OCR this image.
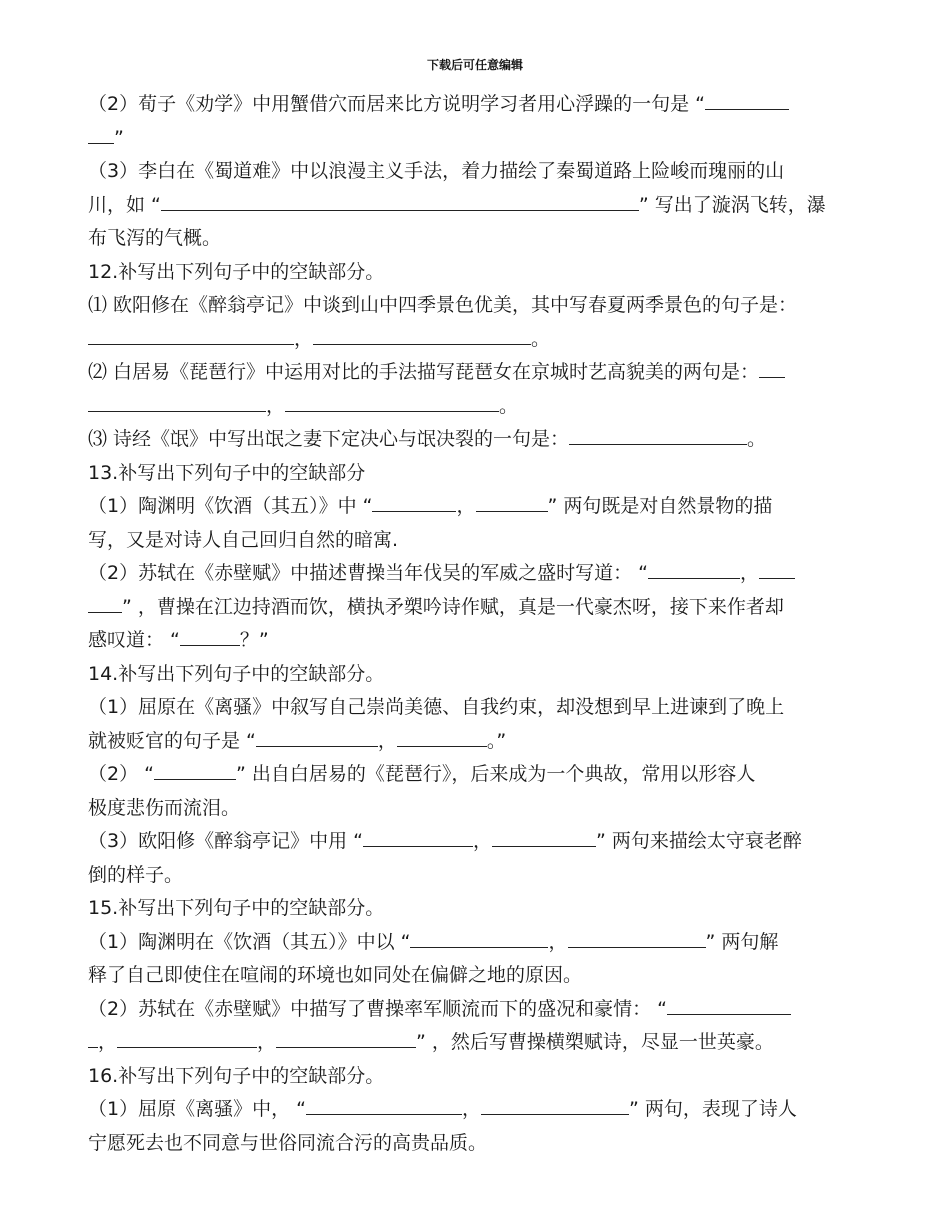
下载后可任意编辑
（2）荀子《劝学》中用蟹借穴而居来比方说明学习者用心浮躁的一句是 “
”
（3）李白在《蜀道难》中以浪漫主义手法，着力描绘了秦蜀道路上险峻而瑰丽的山
川，如 “	” 写出了漩涡飞转，瀑
布飞泻的气概。
12.补写出下列句子中的空缺部分。
⑴ 欧阳修在《醉翁亭记》中谈到山中四季景色优美，其中写春夏两季景色的句子是：
，	。
⑵ 白居易《琵琶行》中运用对比的手法描写琵琶女在京城时艺高貌美的两句是：
，	。
⑶ 诗经《氓》中写出氓之妻下定决心与氓决裂的一句是：	。
13.补写出下列句子中的空缺部分
（1）陶渊明《饮酒（其五）》中 “	，	” 两句既是对自然景物的描
写，又是对诗人自己回归自然的暗寓.
（2）苏轼在《赤壁赋》中描述曹操当年伐吴的军威之盛时写道： “	，
” ，曹操在江边持酒而饮，横执矛槊吟诗作赋，真是一代豪杰呀，接下来作者却
感叹道： “	？”
14.补写出下列句子中的空缺部分。
（1）屈原在《离骚》中叙写自己崇尚美德、自我约束，却没想到早上进谏到了晚上
就被贬官的句子是 “	，	。”
（2） “	” 出自白居易的《琵琶行》，后来成为一个典故，常用以形容人
极度悲伤而流泪。
（3）欧阳修《醉翁亭记》中用 “	，	” 两句来描绘太守衰老醉
倒的样子。
15.补写出下列句子中的空缺部分。
（1）陶渊明在《饮酒（其五）》中以 “	，	” 两句解
释了自己即使住在喧闹的环境也如同处在偏僻之地的原因。
（2）苏轼在《赤壁赋》中描写了曹操率军顺流而下的盛况和豪情： “
，	，	” ，然后写曹操横槊赋诗，尽显一世英豪。
16.补写出下列句子中的空缺部分。
（1）屈原《离骚》中， “	，	” 两句，表现了诗人
宁愿死去也不同意与世俗同流合污的高贵品质。
